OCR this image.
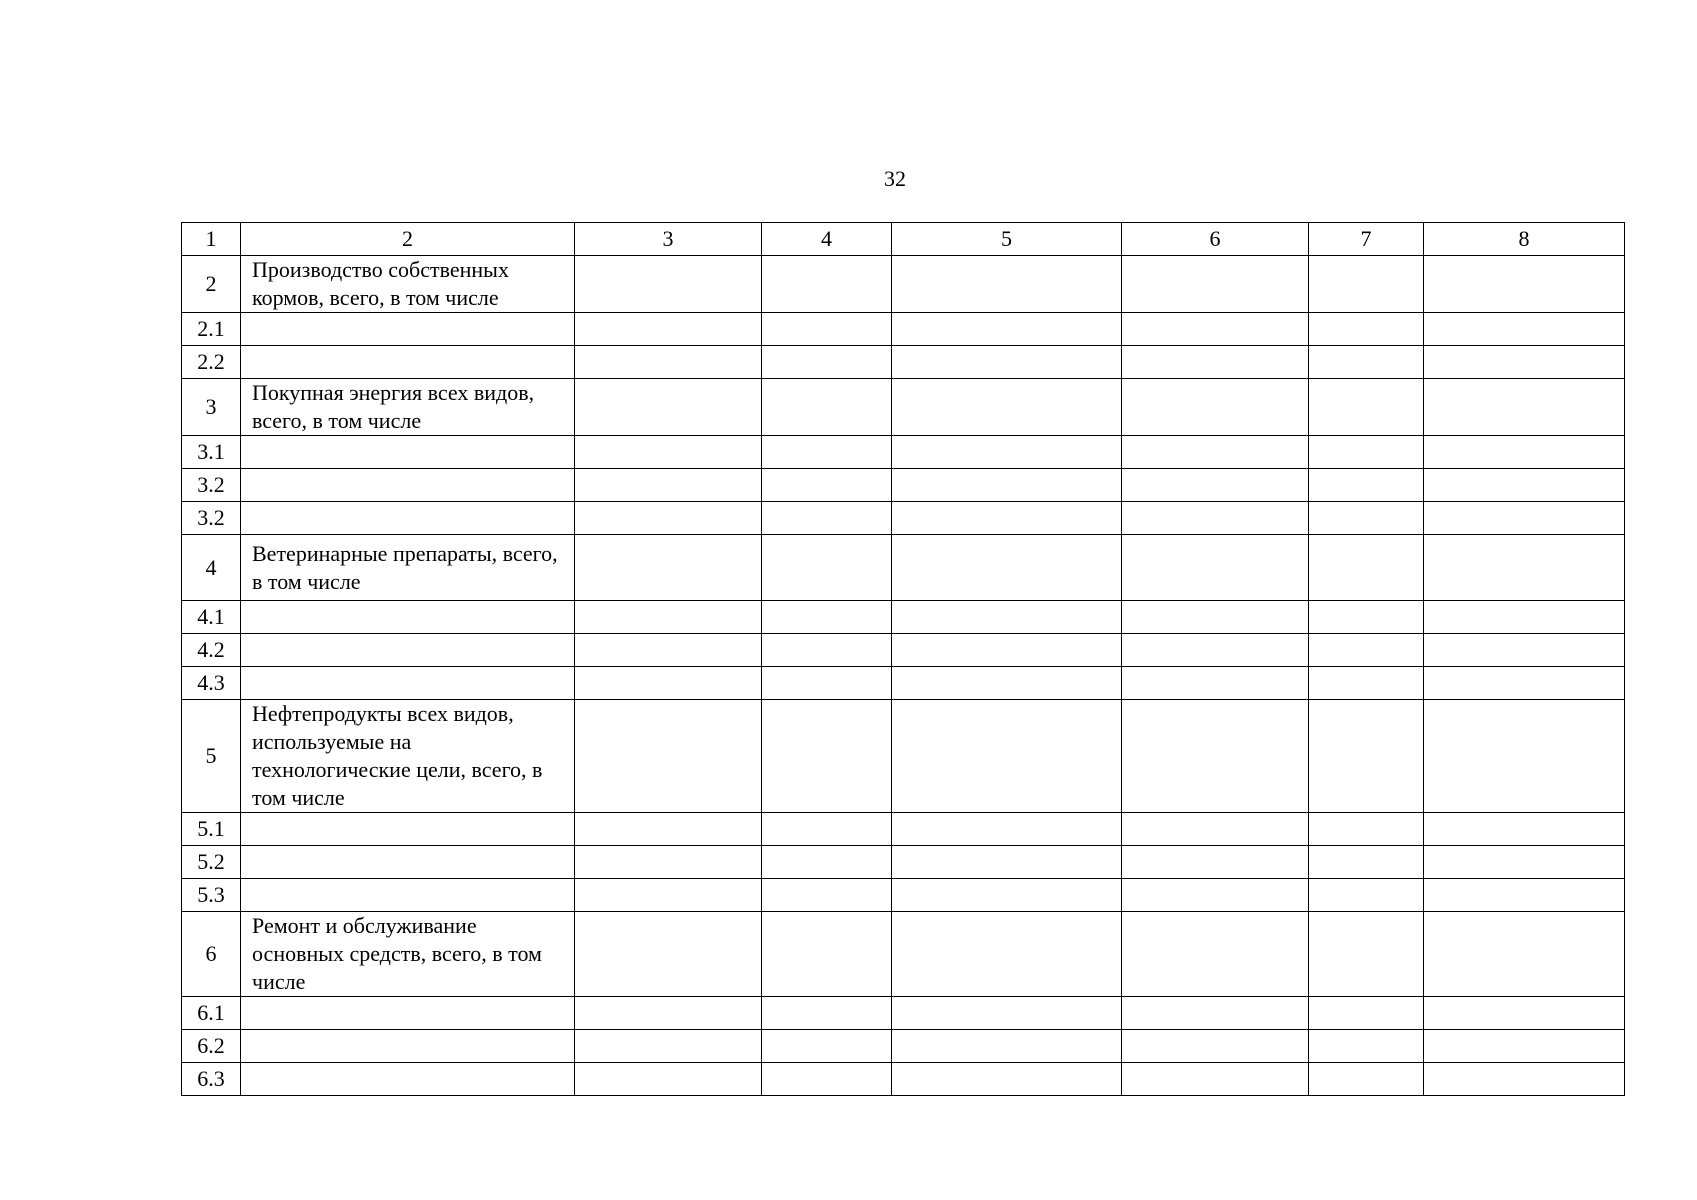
32
1	2	3	4	5	6	7	8
2	Производство собственных кормов, всего, в том числе						
2.1							
2.2							
3	Покупная энергия всех видов, всего, в том числе						
3.1							
3.2							
3.2							
4	Ветеринарные препараты, всего, в том числе						
4.1							
4.2							
4.3							
5	Нефтепродукты всех видов, используемые на технологические цели, всего, в том числе						
5.1							
5.2							
5.3							
6	Ремонт и обслуживание основных средств, всего, в том числе						
6.1							
6.2							
6.3							
